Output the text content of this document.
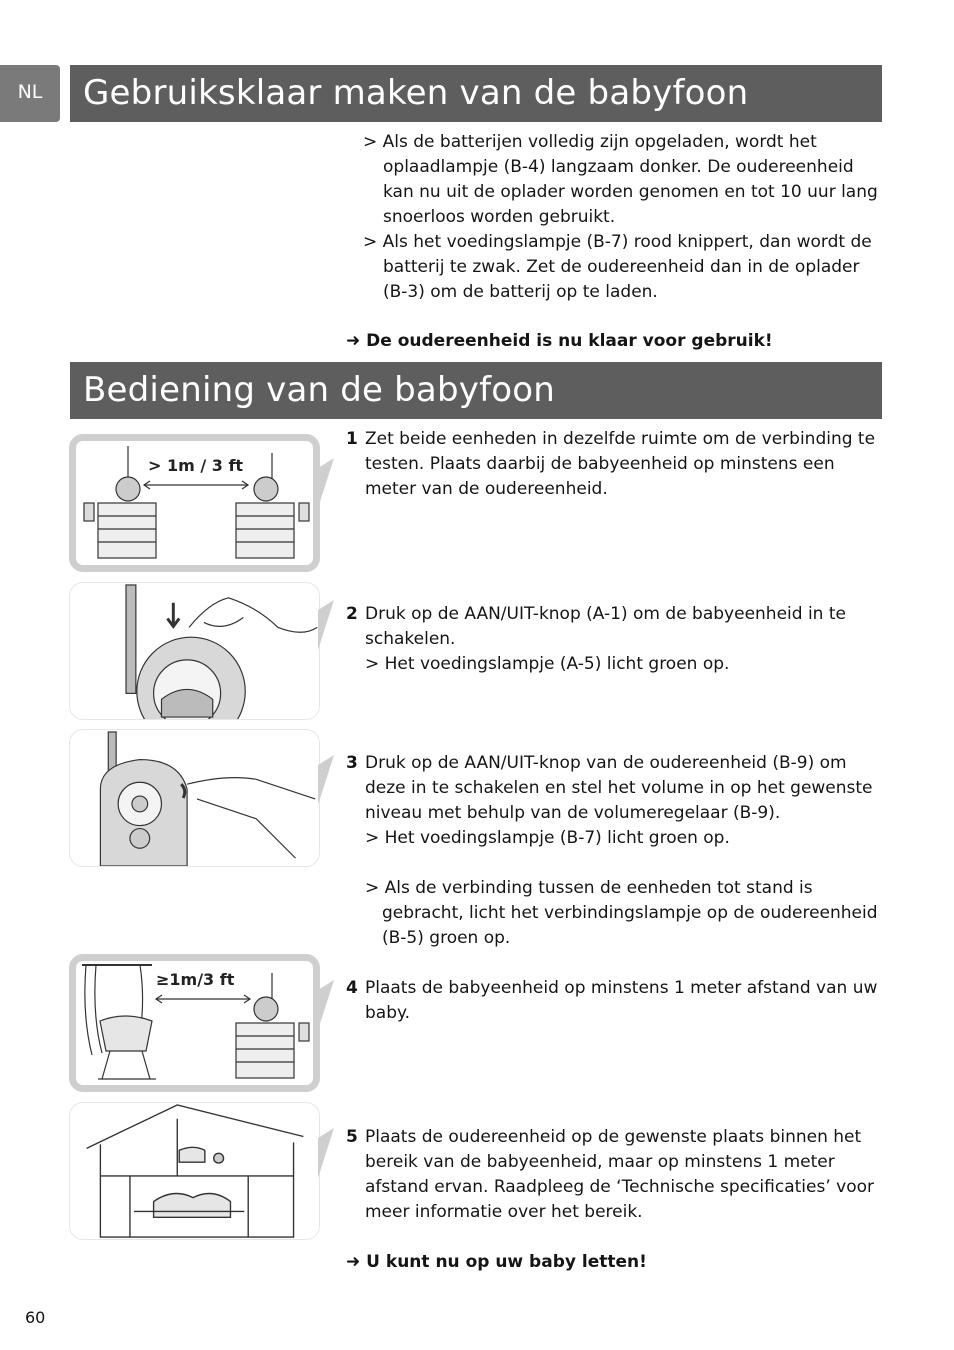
NL	Gebruiksklaar maken van de babyfoon
> Als de batterijen volledig zijn opgeladen, wordt het oplaadlampje (B-4) langzaam donker. De oudereenheid kan nu uit de oplader worden genomen en tot 10 uur lang snoerloos worden gebruikt.
> Als het voedingslampje (B-7) rood knippert, dan wordt de batterij te zwak. Zet de oudereenheid dan in de oplader (B-3) om de batterij op te laden.
➜ De oudereenheid is nu klaar voor gebruik!
Bediening van de babyfoon
1 Zet beide eenheden in dezelfde ruimte om de verbinding te testen. Plaats daarbij de babyeenheid op minstens een meter van de oudereenheid.
2 Druk op de AAN/UIT-knop (A-1) om de babyeenheid in te schakelen.
> Het voedingslampje (A-5) licht groen op.
3 Druk op de AAN/UIT-knop van de oudereenheid (B-9) om deze in te schakelen en stel het volume in op het gewenste niveau met behulp van de volumeregelaar (B-9).
> Het voedingslampje (B-7) licht groen op.
> Als de verbinding tussen de eenheden tot stand is gebracht, licht het verbindingslampje op de oudereenheid (B-5) groen op.
4 Plaats de babyeenheid op minstens 1 meter afstand van uw baby.
5 Plaats de oudereenheid op de gewenste plaats binnen het bereik van de babyeenheid, maar op minstens 1 meter afstand ervan. Raadpleeg de ‘Technische specificaties’ voor meer informatie over het bereik.
➜ U kunt nu op uw baby letten!
> 1m / 3 ft
≥1m/3 ft
60
